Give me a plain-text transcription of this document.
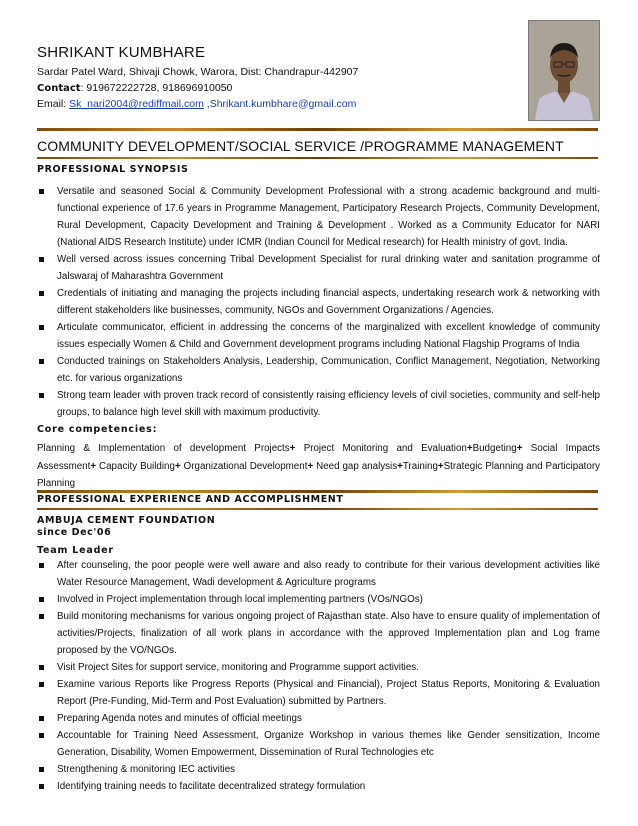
SHRIKANT KUMBHARE
Sardar Patel Ward, Shivaji Chowk, Warora, Dist: Chandrapur-442907
Contact: 919672222728, 918696910050
Email: Sk_nari2004@rediffmail.com ,Shrikant.kumbhare@gmail.com
COMMUNITY DEVELOPMENT/SOCIAL SERVICE /PROGRAMME MANAGEMENT
PROFESSIONAL SYNOPSIS
Versatile and seasoned Social & Community Development Professional with a strong academic background and multi-functional experience of 17.6 years in Programme Management, Participatory Research Projects, Community Development, Rural Development, Capacity Development and Training & Development . Worked as a Community Educator for NARI (National AIDS Research Institute) under ICMR (Indian Council for Medical research) for Health ministry of govt. India.
Well versed across issues concerning Tribal Development Specialist for rural drinking water and sanitation programme of Jalswaraj of Maharashtra Government
Credentials of initiating and managing the projects including financial aspects, undertaking research work & networking with different stakeholders like businesses, community, NGOs and Government Organizations / Agencies.
Articulate communicator, efficient in addressing the concerns of the marginalized with excellent knowledge of community issues especially Women & Child and Government development programs including National Flagship Programs of India
Conducted trainings on Stakeholders Analysis, Leadership, Communication, Conflict Management, Negotiation, Networking etc. for various organizations
Strong team leader with proven track record of consistently raising efficiency levels of civil societies, community and self-help groups, to balance high level skill with maximum productivity.
Core competencies:
Planning & Implementation of development Projects+ Project Monitoring and Evaluation+Budgeting+ Social Impacts Assessment+ Capacity Building+ Organizational Development+ Need gap analysis+Training+Strategic Planning and Participatory Planning
PROFESSIONAL EXPERIENCE AND ACCOMPLISHMENT
AMBUJA CEMENT FOUNDATION
since Dec'06
Team Leader
After counseling, the poor people were well aware and also ready to contribute for their various development activities like Water Resource Management, Wadi development & Agriculture programs
Involved in Project implementation through local implementing partners (VOs/NGOs)
Build monitoring mechanisms for various ongoing project of Rajasthan state. Also have to ensure quality of implementation of activities/Projects, finalization of all work plans in accordance with the approved Implementation plan and Log frame proposed by the VO/NGOs.
Visit Project Sites for support service, monitoring and Programme support activities.
Examine various Reports like Progress Reports (Physical and Financial), Project Status Reports, Monitoring & Evaluation Report (Pre-Funding, Mid-Term and Post Evaluation) submitted by Partners.
Preparing Agenda notes and minutes of official meetings
Accountable for Training Need Assessment, Organize Workshop in various themes like Gender sensitization, Income Generation, Disability, Women Empowerment, Dissemination of Rural Technologies etc
Strengthening & monitoring IEC activities
Identifying training needs to facilitate decentralized strategy formulation
